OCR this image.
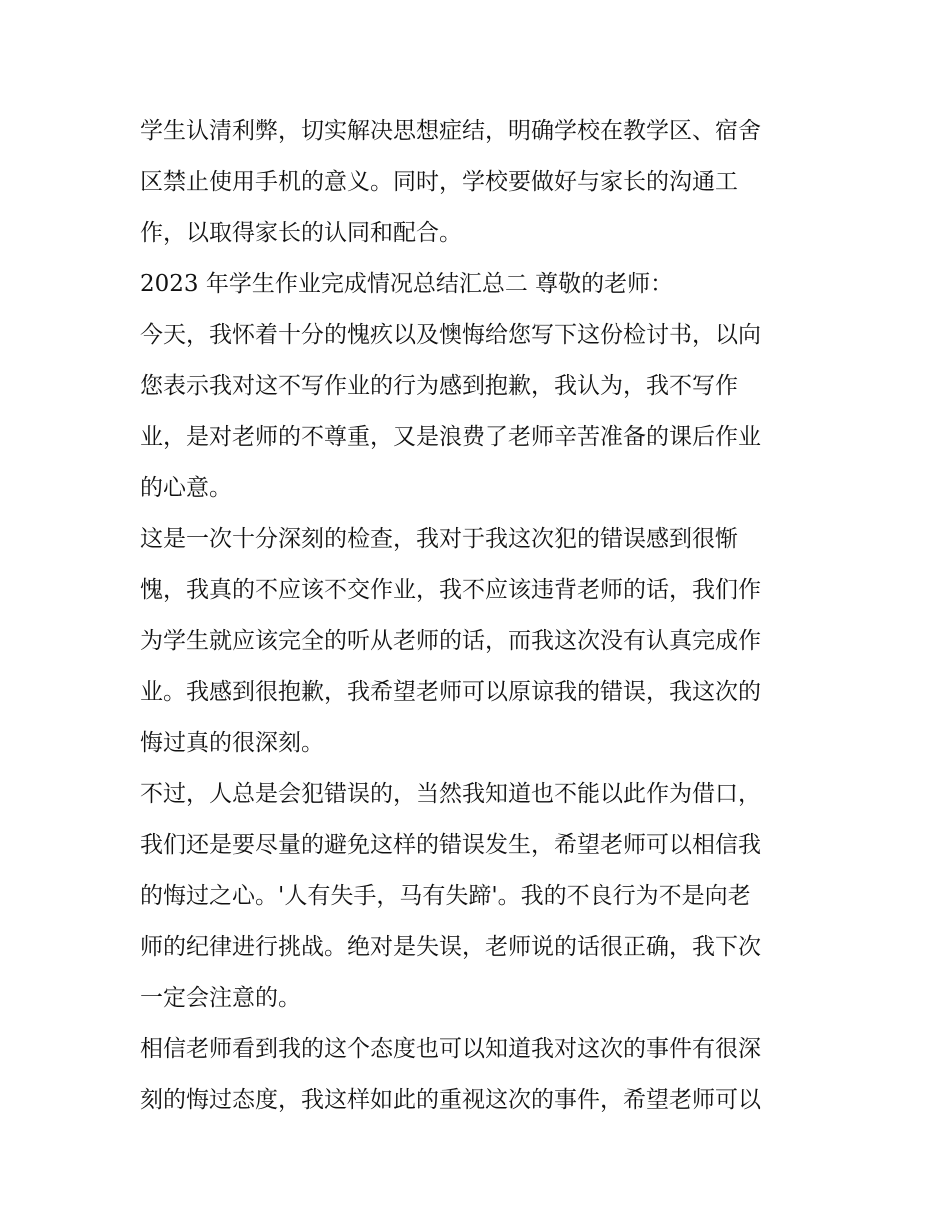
学生认清利弊，切实解决思想症结，明确学校在教学区、宿舍
区禁止使用手机的意义。同时，学校要做好与家长的沟通工
作，以取得家长的认同和配合。
2023 年学生作业完成情况总结汇总二 尊敬的老师：
今天，我怀着十分的愧疚以及懊悔给您写下这份检讨书，以向
您表示我对这不写作业的行为感到抱歉，我认为，我不写作
业，是对老师的不尊重，又是浪费了老师辛苦准备的课后作业
的心意。
这是一次十分深刻的检查，我对于我这次犯的错误感到很惭
愧，我真的不应该不交作业，我不应该违背老师的话，我们作
为学生就应该完全的听从老师的话，而我这次没有认真完成作
业。我感到很抱歉，我希望老师可以原谅我的错误，我这次的
悔过真的很深刻。
不过，人总是会犯错误的，当然我知道也不能以此作为借口，
我们还是要尽量的避免这样的错误发生，希望老师可以相信我
的悔过之心。'人有失手，马有失蹄'。我的不良行为不是向老
师的纪律进行挑战。绝对是失误，老师说的话很正确，我下次
一定会注意的。
相信老师看到我的这个态度也可以知道我对这次的事件有很深
刻的悔过态度，我这样如此的重视这次的事件，希望老师可以
